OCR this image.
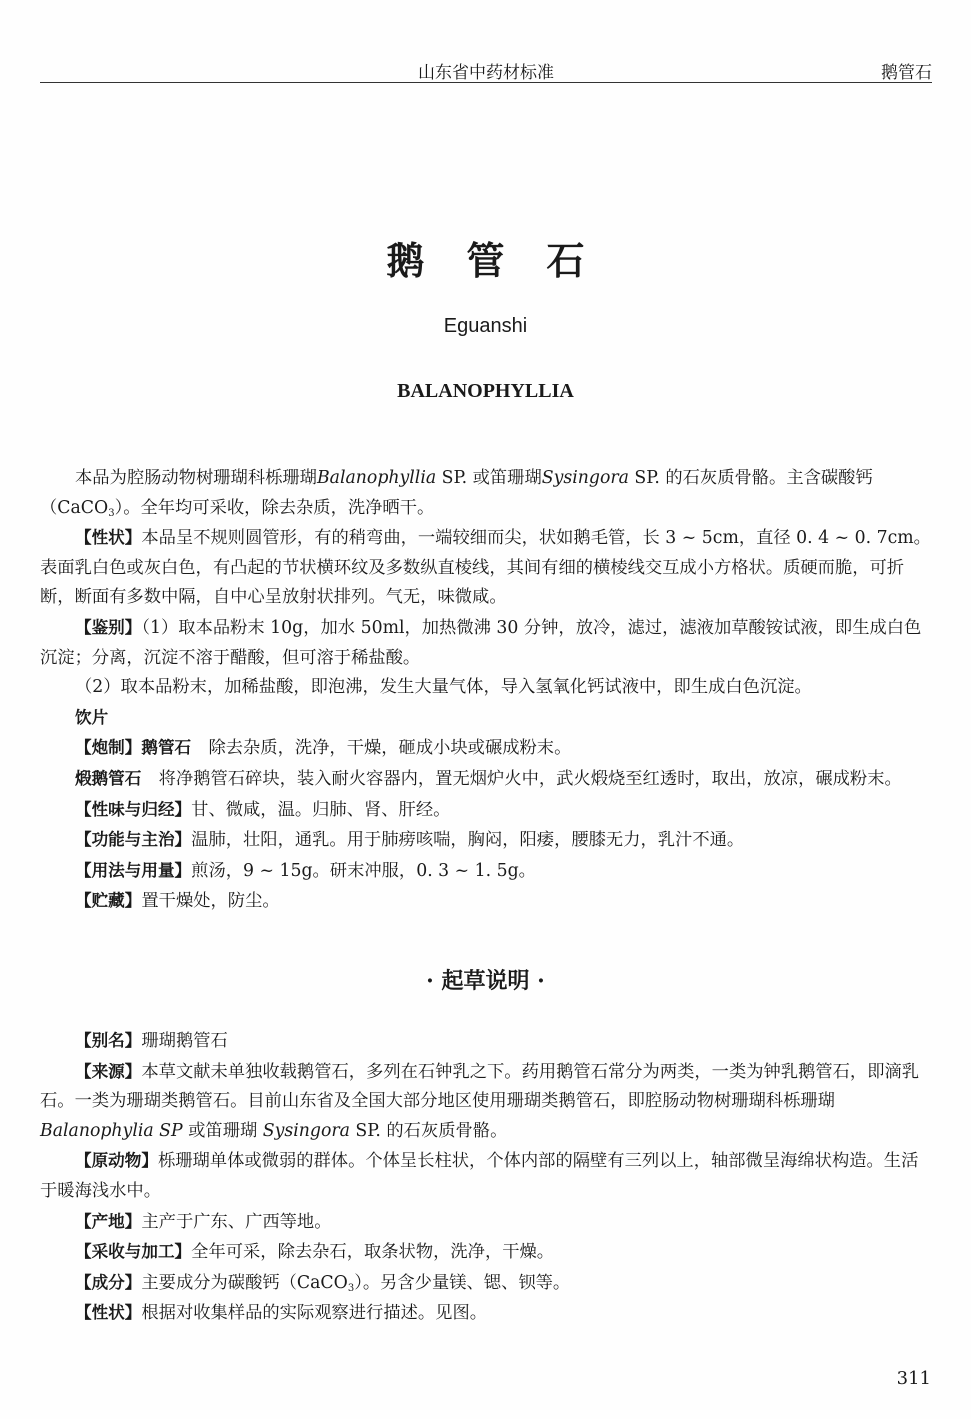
山东省中药材标准	鹅管石
鹅管石
Eguanshi
BALANOPHYLLIA

本品为腔肠动物树珊瑚科栎珊瑚Balanophyllia SP. 或笛珊瑚Sysingora SP. 的石灰质骨骼。主含碳酸钙（CaCO$_3$）。全年均可采收，除去杂质，洗净晒干。

【性状】本品呈不规则圆管形，有的稍弯曲，一端较细而尖，状如鹅毛管，长 3 ~ 5cm，直径 0. 4 ~ 0. 7cm。表面乳白色或灰白色，有凸起的节状横环纹及多数纵直棱线，其间有细的横棱线交互成小方格状。质硬而脆，可折断，断面有多数中隔，自中心呈放射状排列。气无，味微咸。

【鉴别】（1）取本品粉末 10g，加水 50ml，加热微沸 30 分钟，放冷，滤过，滤液加草酸铵试液，即生成白色沉淀；分离，沉淀不溶于醋酸，但可溶于稀盐酸。

（2）取本品粉末，加稀盐酸，即泡沸，发生大量气体，导入氢氧化钙试液中，即生成白色沉淀。

饮片

【炮制】鹅管石　 除去杂质，洗净，干燥，砸成小块或碾成粉末。

煅鹅管石　 将净鹅管石碎块，装入耐火容器内，置无烟炉火中，武火煅烧至红透时，取出，放凉，碾成粉末。

【性味与归经】甘、微咸，温。归肺、肾、肝经。

【功能与主治】温肺，壮阳，通乳。用于肺痨咳喘，胸闷，阳痿，腰膝无力，乳汁不通。

【用法与用量】煎汤，9 ~ 15g。研末冲服，0. 3 ~ 1. 5g。

【贮藏】置干燥处，防尘。

· 起草说明 ·

【别名】珊瑚鹅管石

【来源】本草文献未单独收载鹅管石，多列在石钟乳之下。药用鹅管石常分为两类，一类为钟乳鹅管石，即滴乳石。一类为珊瑚类鹅管石。目前山东省及全国大部分地区使用珊瑚类鹅管石，即腔肠动物树珊瑚科栎珊瑚 Balanophylia SP 或笛珊瑚 Sysingora SP. 的石灰质骨骼。

【原动物】栎珊瑚单体或微弱的群体。个体呈长柱状，个体内部的隔壁有三列以上，轴部微呈海绵状构造。生活于暖海浅水中。

【产地】主产于广东、广西等地。

【采收与加工】全年可采，除去杂石，取条状物，洗净，干燥。

【成分】主要成分为碳酸钙（CaCO$_3$）。另含少量镁、锶、钡等。

【性状】根据对收集样品的实际观察进行描述。见图。

311
